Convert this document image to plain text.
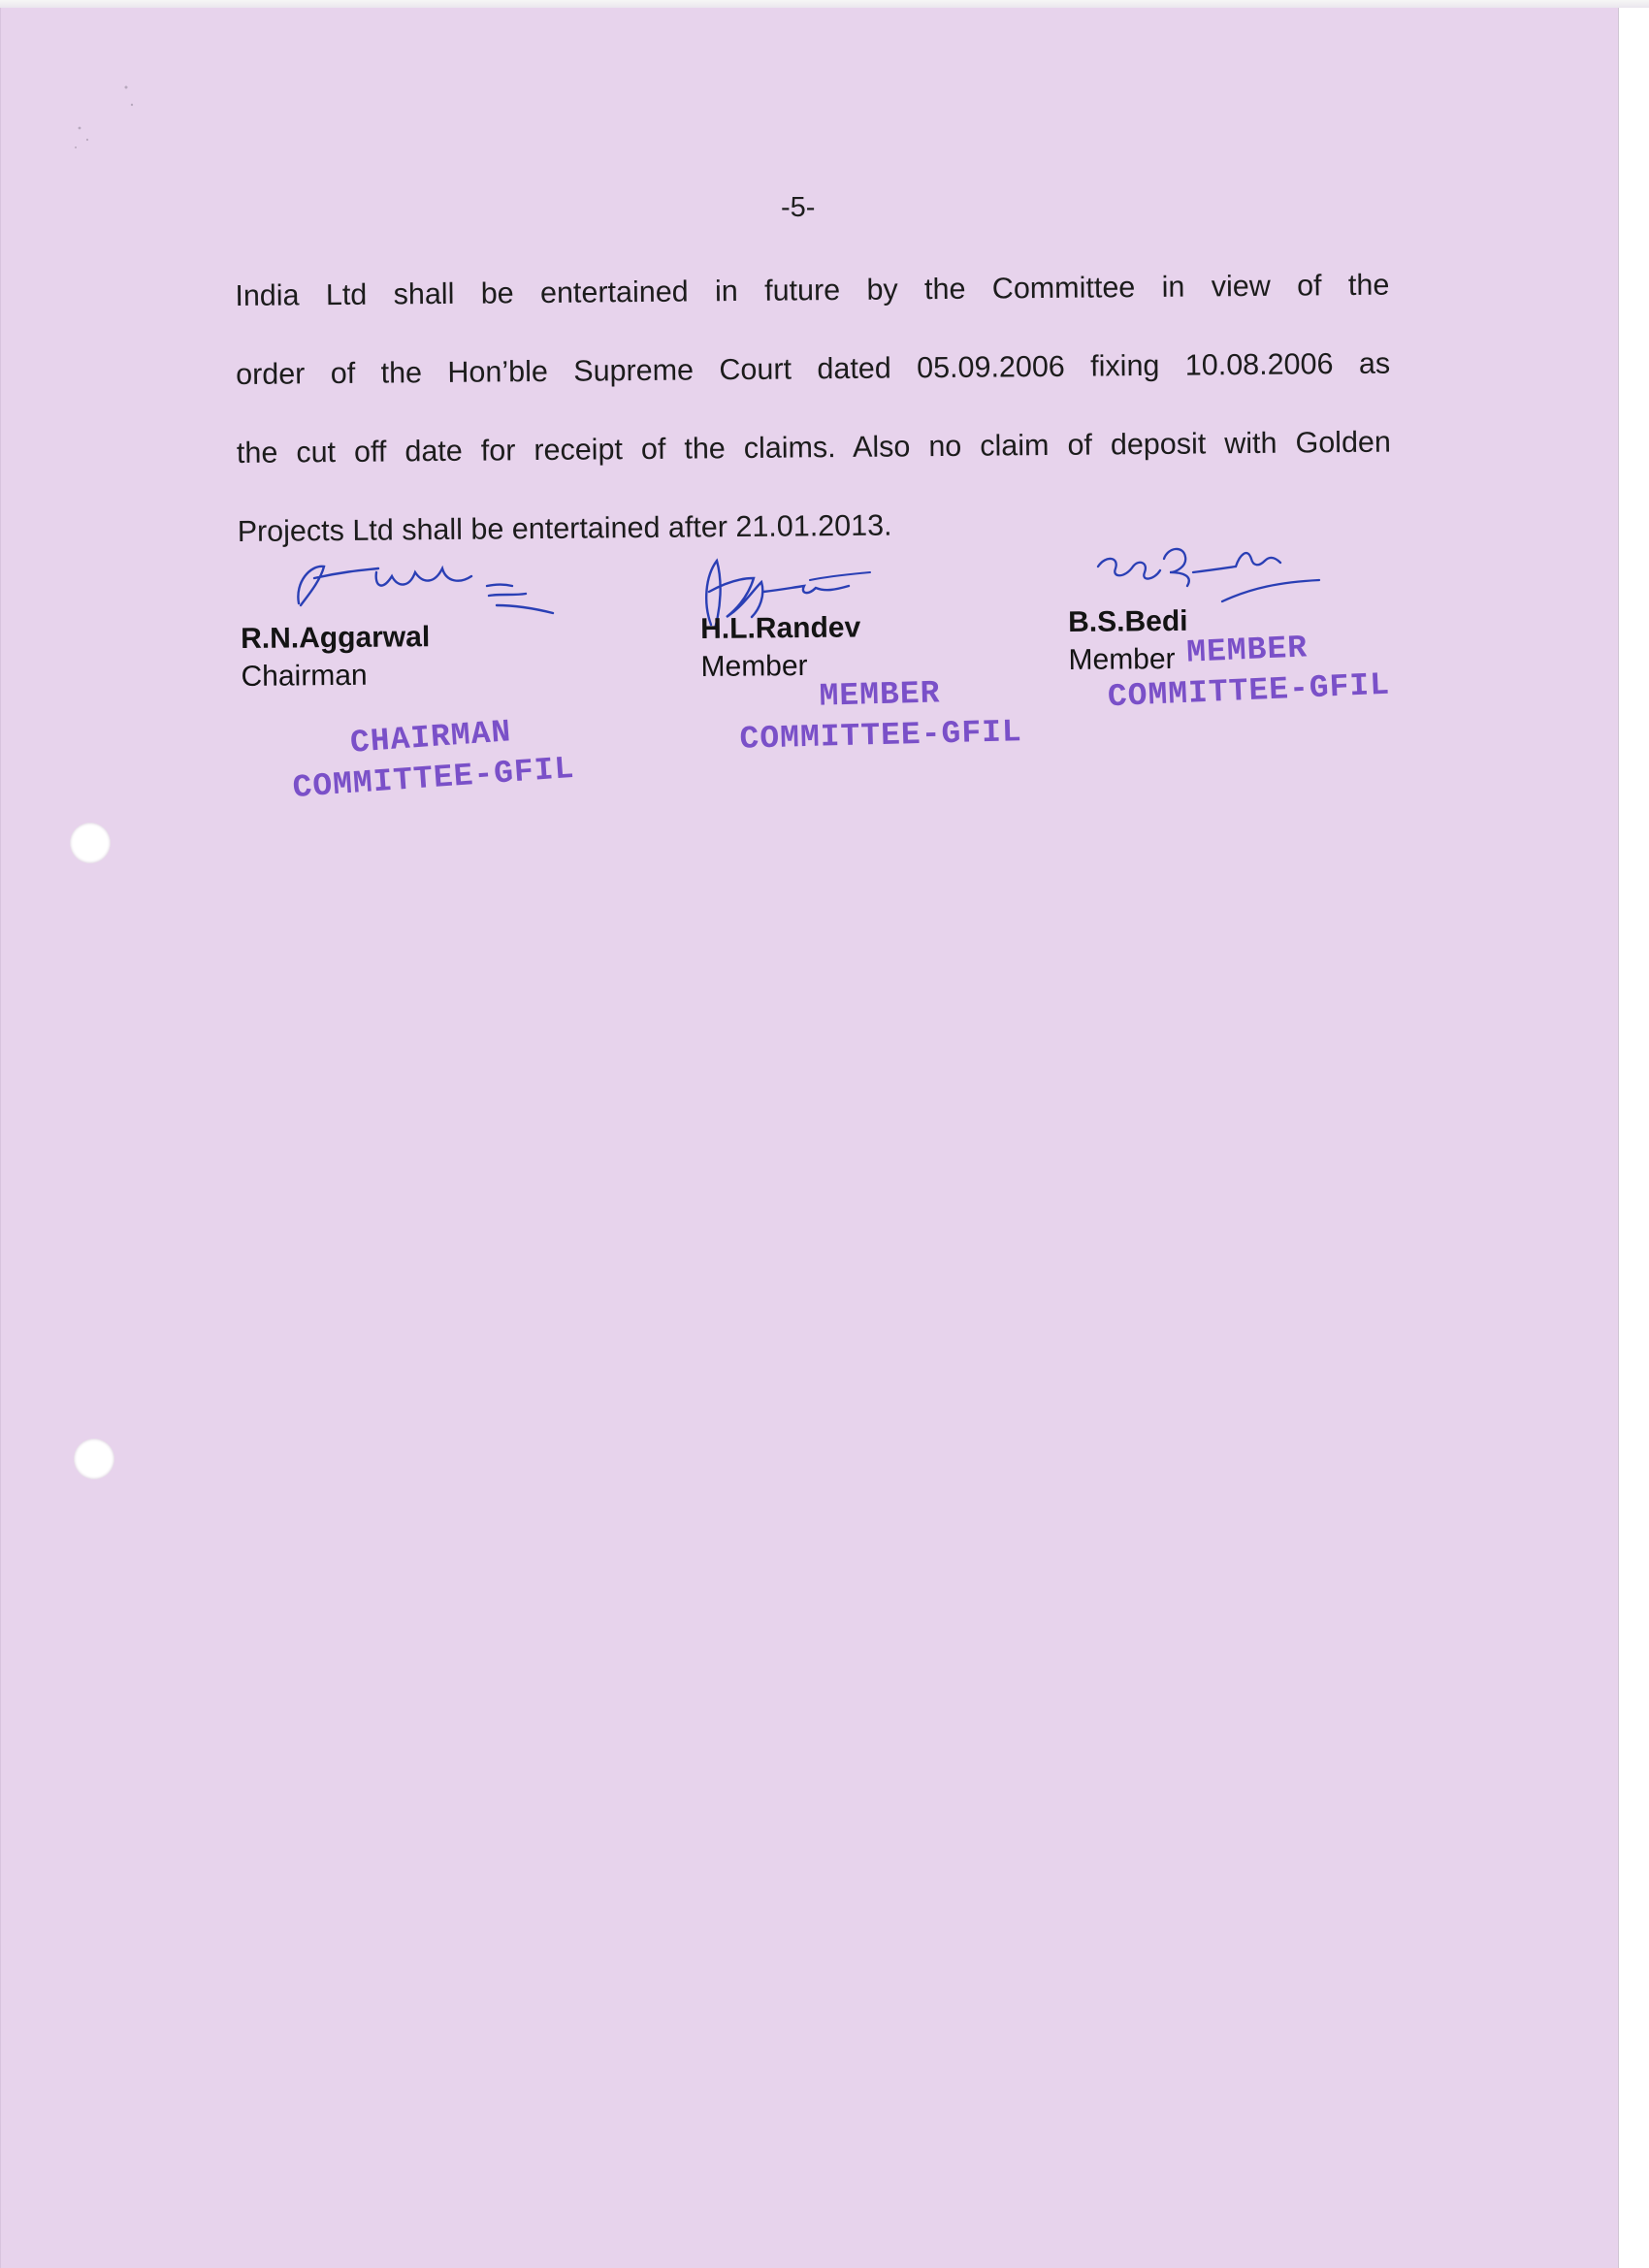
-5-
India Ltd shall be entertained in future by the Committee in view of the
order of the Hon’ble Supreme Court dated 05.09.2006 fixing 10.08.2006 as
the cut off date for receipt of the claims. Also no claim of deposit with Golden
Projects Ltd shall be entertained after 21.01.2013.
R.N.Aggarwal
Chairman
H.L.Randev
Member
B.S.Bedi
Member
CHAIRMAN
COMMITTEE-GFIL
MEMBER
COMMITTEE-GFIL
MEMBER
COMMITTEE-GFIL
